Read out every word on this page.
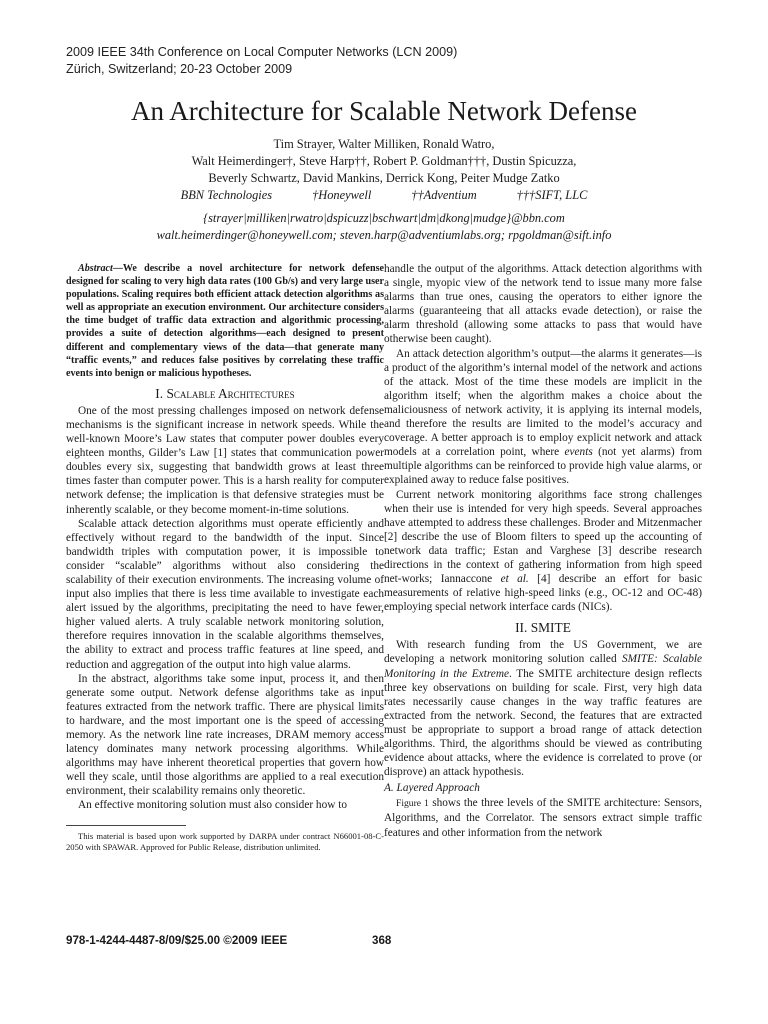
2009 IEEE 34th Conference on Local Computer Networks (LCN 2009)
Zürich, Switzerland; 20-23 October 2009
An Architecture for Scalable Network Defense
Tim Strayer, Walter Milliken, Ronald Watro,
Walt Heimerdinger†, Steve Harp††, Robert P. Goldman†††, Dustin Spicuzza,
Beverly Schwartz, David Mankins, Derrick Kong, Peiter Mudge Zatko
BBN Technologies	†Honeywell	††Adventium	†††SIFT, LLC
{strayer|milliken|rwatro|dspicuzz|bschwart|dm|dkong|mudge}@bbn.com
walt.heimerdinger@honeywell.com; steven.harp@adventiumlabs.org; rpgoldman@sift.info

Abstract—We describe a novel architecture for network defense designed for scaling to very high data rates (100 Gb/s) and very large user populations. Scaling requires both efficient attack detection algorithms as well as appropriate an execution environment. Our architecture considers the time budget of traffic data extraction and algorithmic processing, provides a suite of detection algorithms—each designed to present different and complementary views of the data—that generate many “traffic events,” and reduces false positives by correlating these traffic events into benign or malicious hypotheses.

I. Scalable Architectures

One of the most pressing challenges imposed on network defense mechanisms is the significant increase in network speeds. While the well-known Moore’s Law states that computer power doubles every eighteen months, Gilder’s Law [1] states that communication power doubles every six, suggesting that bandwidth grows at least three times faster than computer power. This is a harsh reality for computer network defense; the implication is that defensive strategies must be inherently scalable, or they become moment-in-time solutions.

Scalable attack detection algorithms must operate efficiently and effectively without regard to the bandwidth of the input. Since bandwidth triples with computation power, it is impossible to consider “scalable” algorithms without also considering the scalability of their execution environments. The increasing volume of input also implies that there is less time available to investigate each alert issued by the algorithms, precipitating the need to have fewer, higher valued alerts. A truly scalable network monitoring solution, therefore requires innovation in the scalable algorithms themselves, the ability to extract and process traffic features at line speed, and reduction and aggregation of the output into high value alarms.

In the abstract, algorithms take some input, process it, and then generate some output. Network defense algorithms take as input features extracted from the network traffic. There are physical limits to hardware, and the most important one is the speed of accessing memory. As the network line rate increases, DRAM memory access latency dominates many network processing algorithms. While algorithms may have inherent theoretical properties that govern how well they scale, until those algorithms are applied to a real execution environment, their scalability remains only theoretic.

An effective monitoring solution must also consider how to

This material is based upon work supported by DARPA under contract N66001-08-C-2050 with SPAWAR. Approved for Public Release, distribution unlimited.

handle the output of the algorithms. Attack detection algorithms with a single, myopic view of the network tend to issue many more false alarms than true ones, causing the operators to either ignore the alarms (guaranteeing that all attacks evade detection), or raise the alarm threshold (allowing some attacks to pass that would have otherwise been caught).

An attack detection algorithm’s output—the alarms it generates—is a product of the algorithm’s internal model of the network and actions of the attack. Most of the time these models are implicit in the algorithm itself; when the algorithm makes a choice about the maliciousness of network activity, it is applying its internal models, and therefore the results are limited to the model’s accuracy and coverage. A better approach is to employ explicit network and attack models at a correlation point, where events (not yet alarms) from multiple algorithms can be reinforced to provide high value alarms, or explained away to reduce false positives.

Current network monitoring algorithms face strong challenges when their use is intended for very high speeds. Several approaches have attempted to address these challenges. Broder and Mitzenmacher [2] describe the use of Bloom filters to speed up the accounting of network data traffic; Estan and Varghese [3] describe research directions in the context of gathering information from high speed net-works; Iannaccone et al. [4] describe an effort for basic measurements of relative high-speed links (e.g., OC-12 and OC-48) employing special network interface cards (NICs).

II. SMITE

With research funding from the US Government, we are developing a network monitoring solution called SMITE: Scalable Monitoring in the Extreme. The SMITE architecture design reflects three key observations on building for scale. First, very high data rates necessarily cause changes in the way traffic features are extracted from the network. Second, the features that are extracted must be appropriate to support a broad range of attack detection algorithms. Third, the algorithms should be viewed as contributing evidence about attacks, where the evidence is correlated to prove (or disprove) an attack hypothesis.

A. Layered Approach

Figure 1 shows the three levels of the SMITE architecture: Sensors, Algorithms, and the Correlator. The sensors extract simple traffic features and other information from the network

978-1-4244-4487-8/09/$25.00 ©2009 IEEE	368
